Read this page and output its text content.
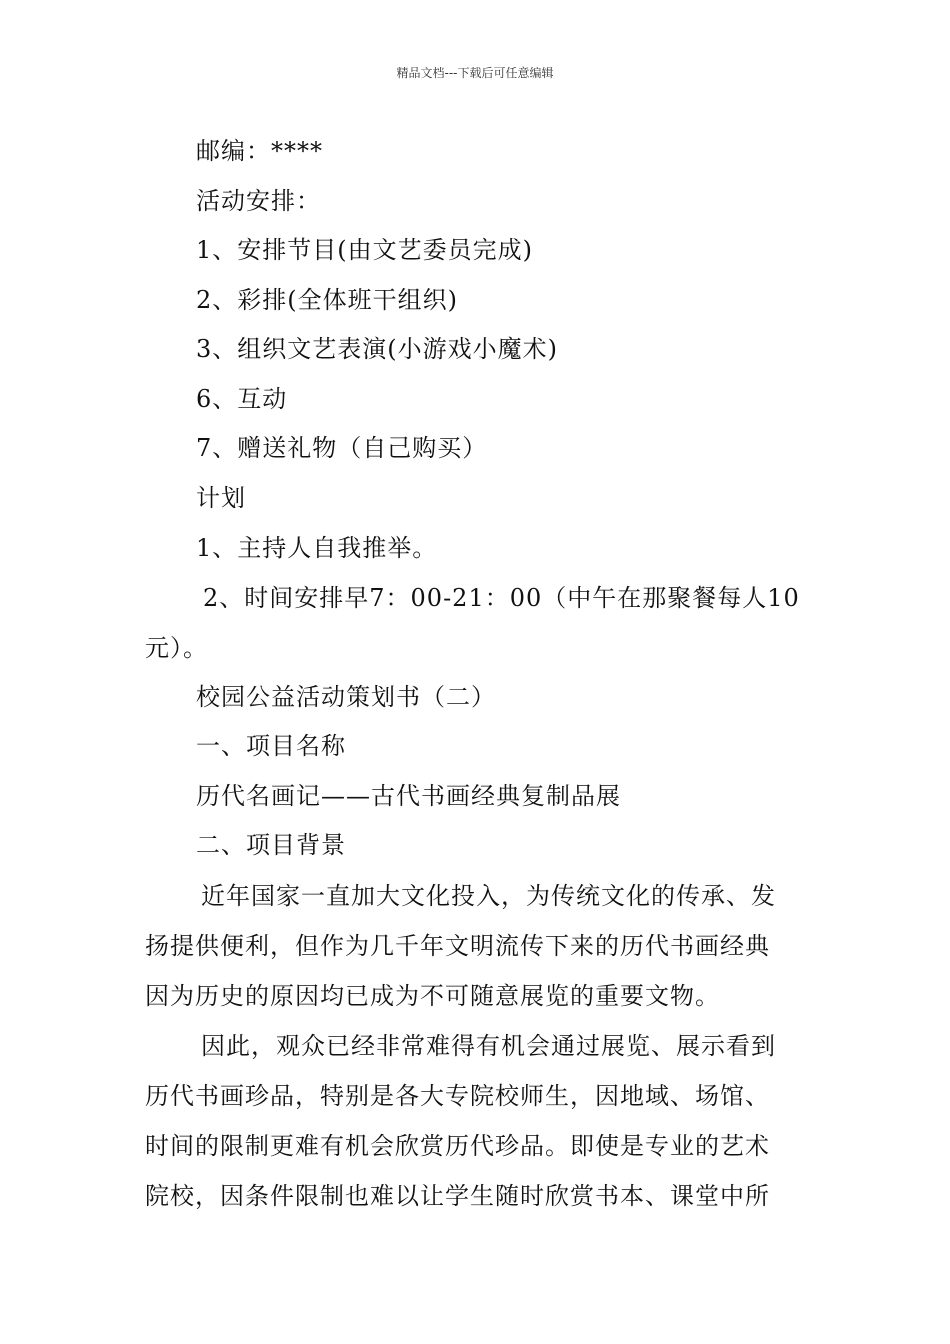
精品文档---下载后可任意编辑
邮编：****
活动安排：
1、安排节目(由文艺委员完成)
2、彩排(全体班干组织)
3、组织文艺表演(小游戏小魔术)
6、互动
7、赠送礼物（自己购买）
计划
1、主持人自我推举。
2、时间安排早7：00-21：00（中午在那聚餐每人10
元）。
校园公益活动策划书（二）
一、项目名称
历代名画记——古代书画经典复制品展
二、项目背景
近年国家一直加大文化投入，为传统文化的传承、发
扬提供便利，但作为几千年文明流传下来的历代书画经典
因为历史的原因均已成为不可随意展览的重要文物。
因此，观众已经非常难得有机会通过展览、展示看到
历代书画珍品，特别是各大专院校师生，因地域、场馆、
时间的限制更难有机会欣赏历代珍品。即使是专业的艺术
院校，因条件限制也难以让学生随时欣赏书本、课堂中所
